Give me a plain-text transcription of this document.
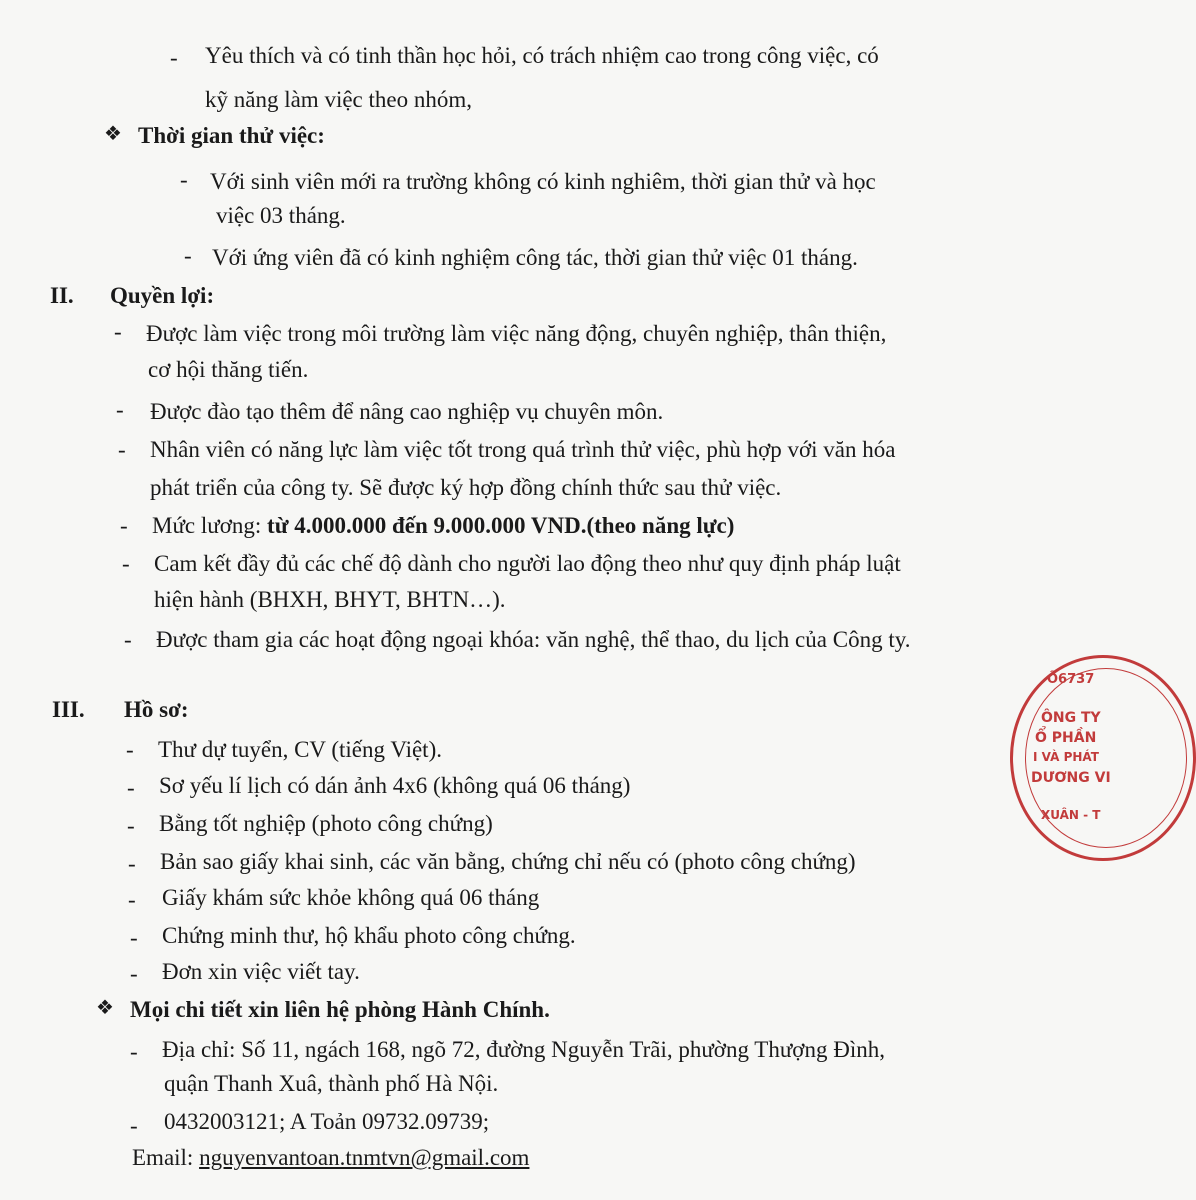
- Yêu thích và có tinh thần học hỏi, có trách nhiệm cao trong công việc, có
kỹ năng làm việc theo nhóm,
❖ Thời gian thử việc:
- Với sinh viên mới ra trường không có kinh nghiêm, thời gian thử và học
việc 03 tháng.
- Với ứng viên đã có kinh nghiệm công tác, thời gian thử việc 01 tháng.
II. Quyền lợi:
- Được làm việc trong môi trường làm việc năng động, chuyên nghiệp, thân thiện,
cơ hội thăng tiến.
- Được đào tạo thêm để nâng cao nghiệp vụ chuyên môn.
- Nhân viên có năng lực làm việc tốt trong quá trình thử việc, phù hợp với văn hóa
phát triển của công ty. Sẽ được ký hợp đồng chính thức sau thử việc.
- Mức lương: từ 4.000.000 đến 9.000.000 VND.(theo năng lực)
- Cam kết đầy đủ các chế độ dành cho người lao động theo như quy định pháp luật
hiện hành (BHXH, BHYT, BHTN…).
- Được tham gia các hoạt động ngoại khóa: văn nghệ, thể thao, du lịch của Công ty.
III. Hồ sơ:
- Thư dự tuyển, CV (tiếng Việt).
- Sơ yếu lí lịch có dán ảnh 4x6 (không quá 06 tháng)
- Bằng tốt nghiệp (photo công chứng)
- Bản sao giấy khai sinh, các văn bằng, chứng chỉ nếu có (photo công chứng)
- Giấy khám sức khỏe không quá 06 tháng
- Chứng minh thư, hộ khẩu photo công chứng.
- Đơn xin việc viết tay.
❖ Mọi chi tiết xin liên hệ phòng Hành Chính.
- Địa chỉ: Số 11, ngách 168, ngõ 72, đường Nguyễn Trãi, phường Thượng Đình,
quận Thanh Xuâ, thành phố Hà Nội.
- 0432003121; A Toản 09732.09739;
Email: nguyenvantoan.tnmtvn@gmail.com
Ô6737
ÔNG TY
Ổ PHẦN
I VÀ PHÁT
DƯƠNG VI
XUÂN - T
